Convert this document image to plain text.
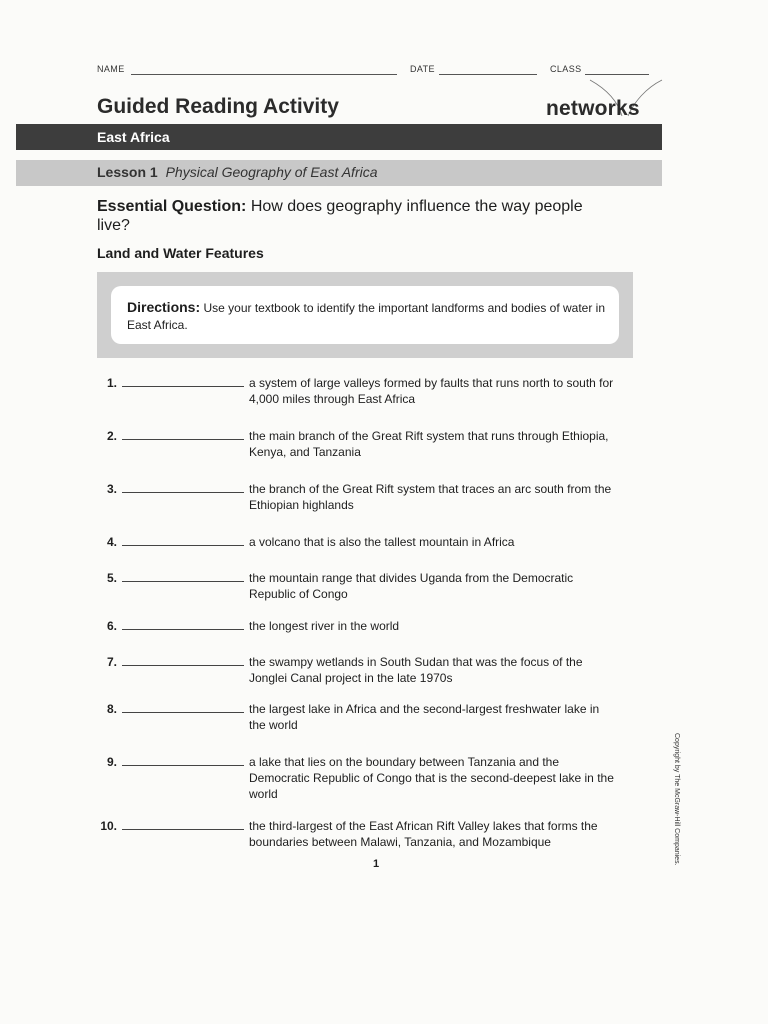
NAME	DATE	CLASS
Guided Reading Activity	networks
East Africa
Lesson 1 Physical Geography of East Africa
Essential Question: How does geography influence the way people live?
Land and Water Features
Directions: Use your textbook to identify the important landforms and bodies of water in East Africa.
1.	a system of large valleys formed by faults that runs north to south for 4,000 miles through East Africa
2.	the main branch of the Great Rift system that runs through Ethiopia, Kenya, and Tanzania
3.	the branch of the Great Rift system that traces an arc south from the Ethiopian highlands
4.	a volcano that is also the tallest mountain in Africa
5.	the mountain range that divides Uganda from the Democratic Republic of Congo
6.	the longest river in the world
7.	the swampy wetlands in South Sudan that was the focus of the Jonglei Canal project in the late 1970s
8.	the largest lake in Africa and the second-largest freshwater lake in the world
9.	a lake that lies on the boundary between Tanzania and the Democratic Republic of Congo that is the second-deepest lake in the world
10.	the third-largest of the East African Rift Valley lakes that forms the boundaries between Malawi, Tanzania, and Mozambique
1	Copyright by The McGraw-Hill Companies.
